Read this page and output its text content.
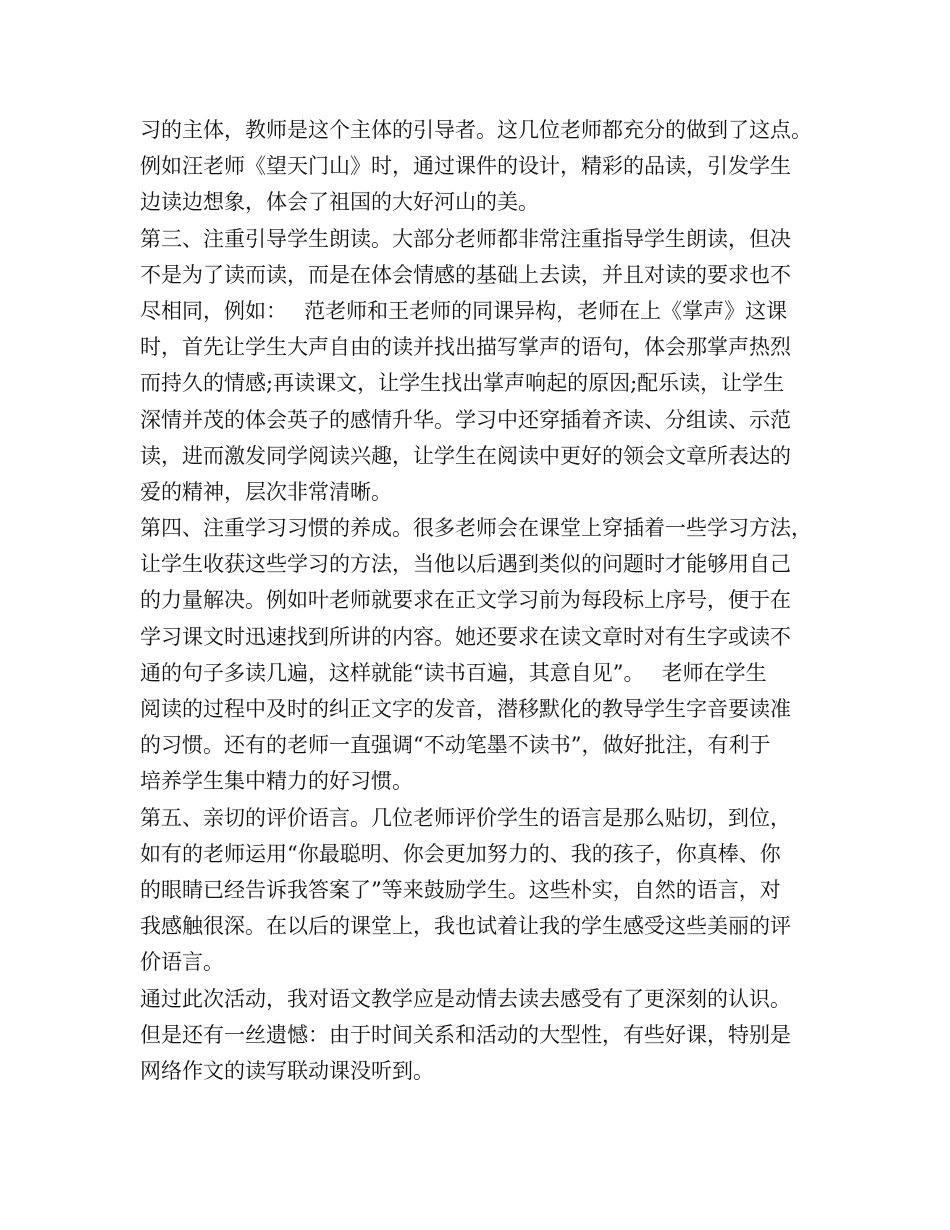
习的主体，教师是这个主体的引导者。这几位老师都充分的做到了这点。
例如汪老师《望天门山》时，通过课件的设计，精彩的品读，引发学生
边读边想象，体会了祖国的大好河山的美。
第三、注重引导学生朗读。大部分老师都非常注重指导学生朗读，但决
不是为了读而读，而是在体会情感的基础上去读，并且对读的要求也不
尽相同，例如：　 范老师和王老师的同课异构，老师在上《掌声》这课
时，首先让学生大声自由的读并找出描写掌声的语句，体会那掌声热烈
而持久的情感;再读课文，让学生找出掌声响起的原因;配乐读，让学生
深情并茂的体会英子的感情升华。学习中还穿插着齐读、分组读、示范
读，进而激发同学阅读兴趣，让学生在阅读中更好的领会文章所表达的
爱的精神，层次非常清晰。
第四、注重学习习惯的养成。很多老师会在课堂上穿插着一些学习方法，
让学生收获这些学习的方法，当他以后遇到类似的问题时才能够用自己
的力量解决。例如叶老师就要求在正文学习前为每段标上序号，便于在
学习课文时迅速找到所讲的内容。她还要求在读文章时对有生字或读不
通的句子多读几遍，这样就能“读书百遍，其意自见”。　 老师在学生
阅读的过程中及时的纠正文字的发音，潜移默化的教导学生字音要读准
的习惯。还有的老师一直强调“不动笔墨不读书”，做好批注，有利于
培养学生集中精力的好习惯。
第五、亲切的评价语言。几位老师评价学生的语言是那么贴切，到位，
如有的老师运用“你最聪明、你会更加努力的、我的孩子，你真棒、你
的眼睛已经告诉我答案了”等来鼓励学生。这些朴实，自然的语言，对
我感触很深。在以后的课堂上，我也试着让我的学生感受这些美丽的评
价语言。
通过此次活动，我对语文教学应是动情去读去感受有了更深刻的认识。
但是还有一丝遗憾：由于时间关系和活动的大型性，有些好课，特别是
网络作文的读写联动课没听到。
